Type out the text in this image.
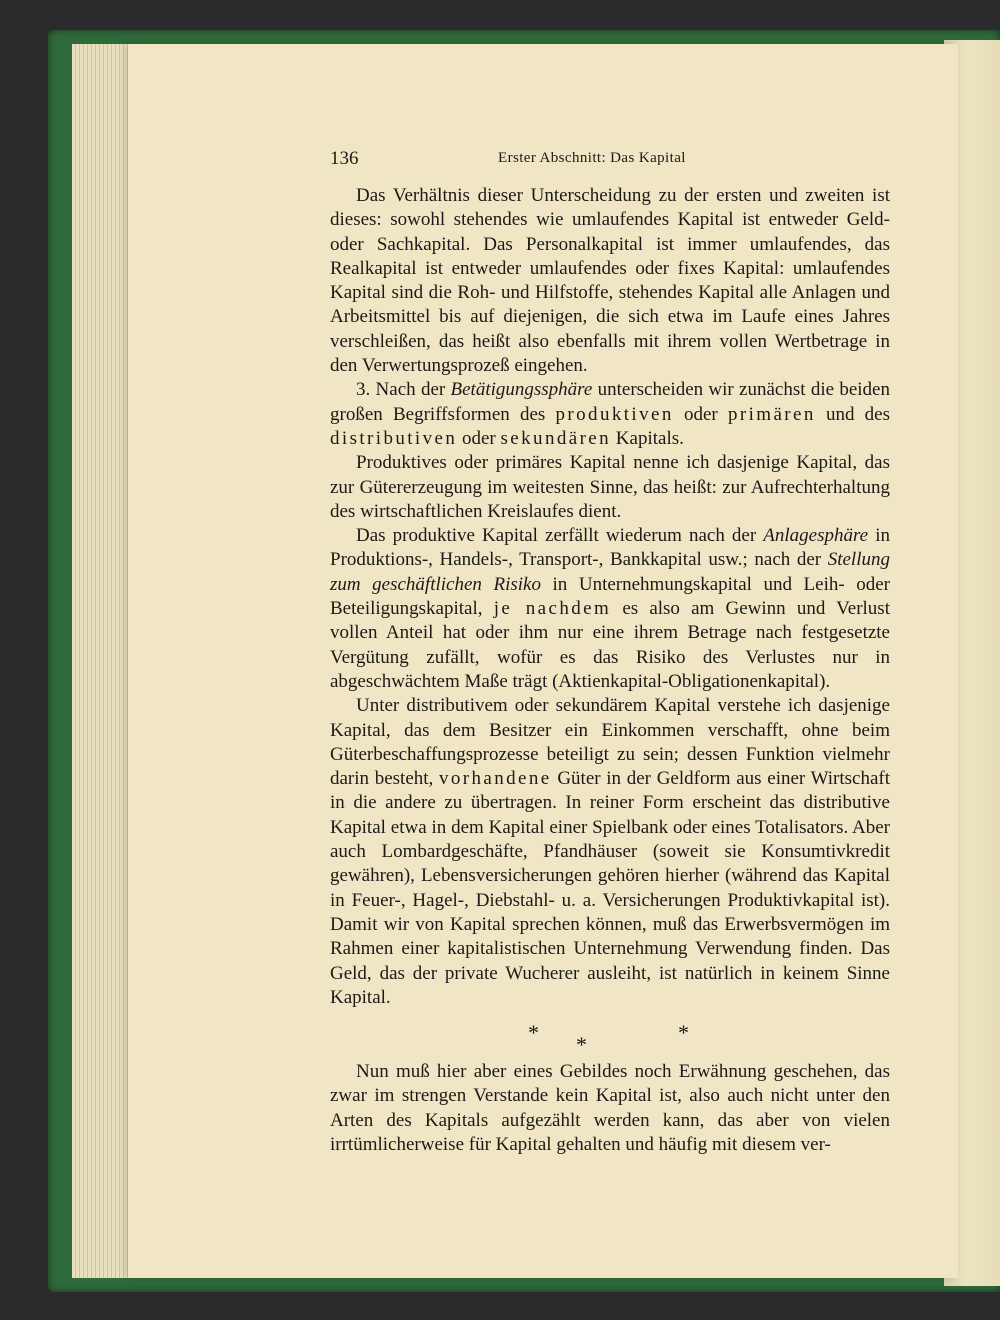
136	Erster Abschnitt: Das Kapital

Das Verhältnis dieser Unterscheidung zu der ersten und zweiten ist dieses: sowohl stehendes wie umlaufendes Kapital ist entweder Geld- oder Sachkapital. Das Personalkapital ist immer umlaufendes, das Realkapital ist entweder umlaufendes oder fixes Kapital: umlaufendes Kapital sind die Roh- und Hilfstoffe, stehendes Kapital alle Anlagen und Arbeitsmittel bis auf diejenigen, die sich etwa im Laufe eines Jahres verschleißen, das heißt also ebenfalls mit ihrem vollen Wertbetrage in den Verwertungsprozeß eingehen.

3. Nach der Betätigungssphäre unterscheiden wir zunächst die beiden großen Begriffsformen des produktiven oder primären und des distributiven oder sekundären Kapitals.

Produktives oder primäres Kapital nenne ich dasjenige Kapital, das zur Gütererzeugung im weitesten Sinne, das heißt: zur Aufrechterhaltung des wirtschaftlichen Kreislaufes dient.

Das produktive Kapital zerfällt wiederum nach der Anlagesphäre in Produktions-, Handels-, Transport-, Bankkapital usw.; nach der Stellung zum geschäftlichen Risiko in Unternehmungskapital und Leih- oder Beteiligungskapital, je nachdem es also am Gewinn und Verlust vollen Anteil hat oder ihm nur eine ihrem Betrage nach festgesetzte Vergütung zufällt, wofür es das Risiko des Verlustes nur in abgeschwächtem Maße trägt (Aktienkapital-Obligationenkapital).

Unter distributivem oder sekundärem Kapital verstehe ich dasjenige Kapital, das dem Besitzer ein Einkommen verschafft, ohne beim Güterbeschaffungsprozesse beteiligt zu sein; dessen Funktion vielmehr darin besteht, vorhandene Güter in der Geldform aus einer Wirtschaft in die andere zu übertragen. In reiner Form erscheint das distributive Kapital etwa in dem Kapital einer Spielbank oder eines Totalisators. Aber auch Lombardgeschäfte, Pfandhäuser (soweit sie Konsumtivkredit gewähren), Lebensversicherungen gehören hierher (während das Kapital in Feuer-, Hagel-, Diebstahl- u. a. Versicherungen Produktivkapital ist). Damit wir von Kapital sprechen können, muß das Erwerbsvermögen im Rahmen einer kapitalistischen Unternehmung Verwendung finden. Das Geld, das der private Wucherer ausleiht, ist natürlich in keinem Sinne Kapital.

* *	*

Nun muß hier aber eines Gebildes noch Erwähnung geschehen, das zwar im strengen Verstande kein Kapital ist, also auch nicht unter den Arten des Kapitals aufgezählt werden kann, das aber von vielen irrtümlicherweise für Kapital gehalten und häufig mit diesem ver-
